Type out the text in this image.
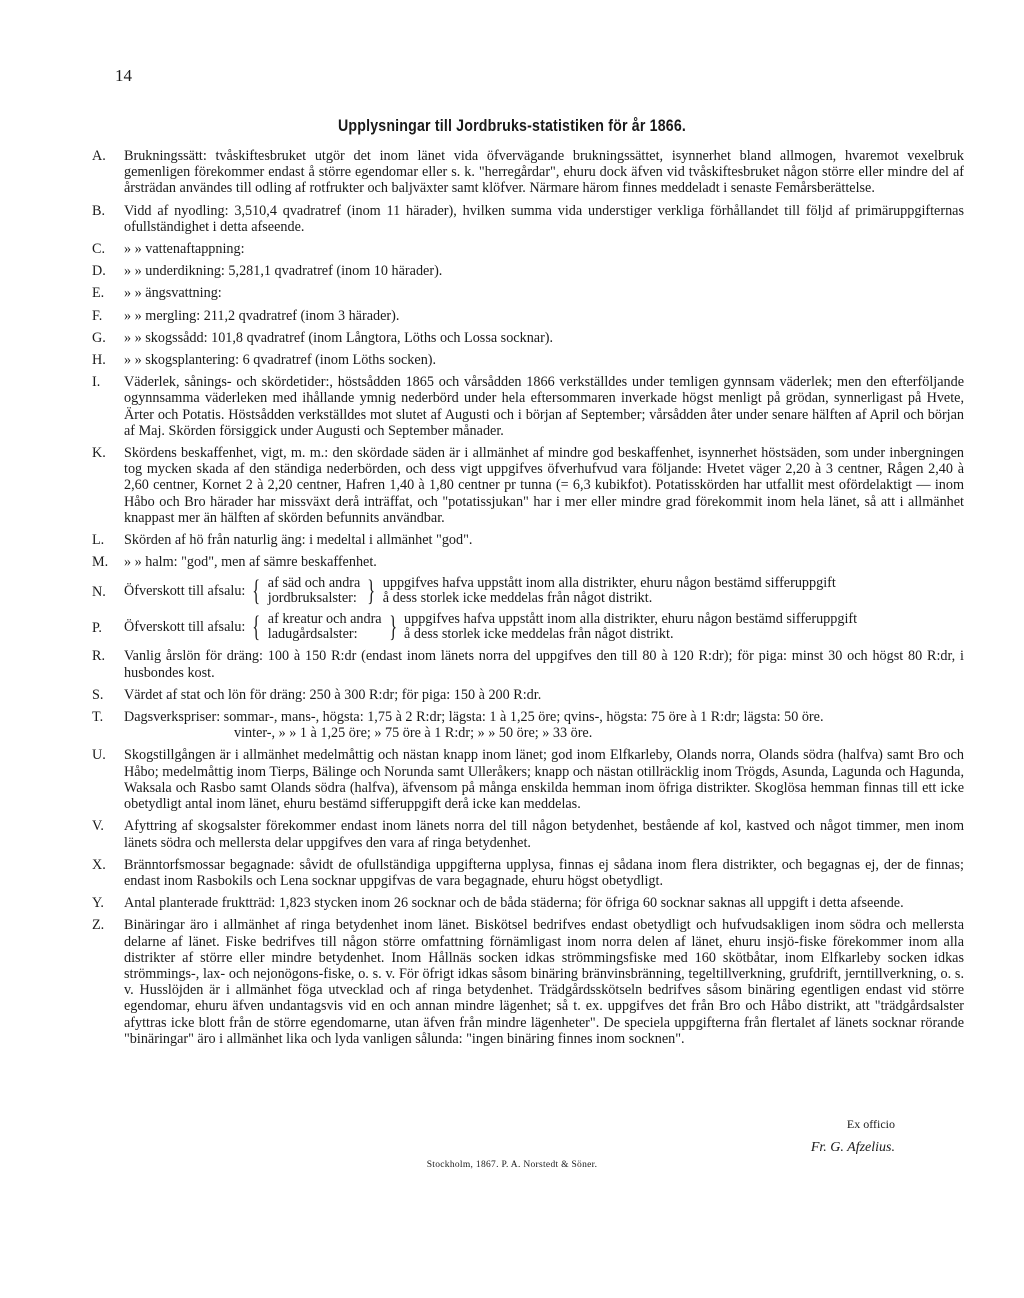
14
Upplysningar till Jordbruks-statistiken för år 1866.
A. Brukningssätt: tvåskiftesbruket utgör det inom länet vida öfvervägande brukningssättet, isynnerhet bland allmogen, hvaremot vexelbruk gemenligen förekommer endast å större egendomar eller s. k. "herregårdar", ehuru dock äfven vid tvåskiftesbruket någon större eller mindre del af årsträdan användes till odling af rotfrukter och baljväxter samt klöfver. Närmare härom finnes meddeladt i senaste Femårsberättelse.
B. Vidd af nyodling: 3,510,4 qvadratref (inom 11 härader), hvilken summa vida understiger verkliga förhållandet till följd af primäruppgifternas ofullständighet i detta afseende.
C. » » vattenaftappning:
D. » » underdikning: 5,281,1 qvadratref (inom 10 härader).
E. » » ängsvattning:
F. » » mergling: 211,2 qvadratref (inom 3 härader).
G. » » skogssådd: 101,8 qvadratref (inom Långtora, Löths och Lossa socknar).
H. » » skogsplantering: 6 qvadratref (inom Löths socken).
I. Väderlek, sånings- och skördetider:, höstsådden 1865 och vårsådden 1866 verkställdes under temligen gynnsam väderlek; men den efterföljande ogynnsamma väderleken med ihållande ymnig nederbörd under hela eftersommaren inverkade högst menligt på grödan, synnerligast på Hvete, Ärter och Potatis. Höstsådden verkställdes mot slutet af Augusti och i början af September; vårsådden åter under senare hälften af April och början af Maj. Skörden försiggick under Augusti och September månader.
K. Skördens beskaffenhet, vigt, m. m.: den skördade säden är i allmänhet af mindre god beskaffenhet, isynnerhet höstsäden, som under inbergningen tog mycken skada af den ständiga nederbörden, och dess vigt uppgifves öfverhufvud vara följande: Hvetet väger 2,20 à 3 centner, Rågen 2,40 à 2,60 centner, Kornet 2 à 2,20 centner, Hafren 1,40 à 1,80 centner pr tunna (= 6,3 kubikfot). Potatisskörden har utfallit mest ofördelaktigt — inom Håbo och Bro härader har missväxt derå inträffat, och "potatissjukan" har i mer eller mindre grad förekommit inom hela länet, så att i allmänhet knappast mer än hälften af skörden befunnits användbar.
L. Skörden af hö från naturlig äng: i medeltal i allmänhet "god".
M. » » halm: "god", men af sämre beskaffenhet.
N. Öfverskott till afsalu: { af säd och andra
jordbruksalster: } uppgifves hafva uppstått inom alla distrikter, ehuru någon bestämd sifferuppgift
å dess storlek icke meddelas från något distrikt.
P. Öfverskott till afsalu: { af kreatur och andra
ladugårdsalster:	} uppgifves hafva uppstått inom alla distrikter, ehuru någon bestämd sifferuppgift
å dess storlek icke meddelas från något distrikt.
R. Vanlig årslön för dräng: 100 à 150 R:dr (endast inom länets norra del uppgifves den till 80 à 120 R:dr); för piga: minst 30 och högst 80 R:dr, i husbondes kost.
S. Värdet af stat och lön för dräng: 250 à 300 R:dr; för piga: 150 à 200 R:dr.
T. Dagsverkspriser: sommar-, mans-, högsta: 1,75 à 2 R:dr; lägsta: 1 à 1,25 öre; qvins-, högsta: 75 öre à 1 R:dr; lägsta: 50 öre.
vinter-, » » 1 à 1,25 öre; » 75 öre à 1 R:dr; » » 50 öre; » 33 öre.
U. Skogstillgången är i allmänhet medelmåttig och nästan knapp inom länet; god inom Elfkarleby, Olands norra, Olands södra (halfva) samt Bro och Håbo; medelmåttig inom Tierps, Bälinge och Norunda samt Ulleråkers; knapp och nästan otillräcklig inom Trögds, Asunda, Lagunda och Hagunda, Waksala och Rasbo samt Olands södra (halfva), äfvensom på många enskilda hemman inom öfriga distrikter. Skoglösa hemman finnas till ett icke obetydligt antal inom länet, ehuru bestämd sifferuppgift derå icke kan meddelas.
V. Afyttring af skogsalster förekommer endast inom länets norra del till någon betydenhet, bestående af kol, kastved och något timmer, men inom länets södra och mellersta delar uppgifves den vara af ringa betydenhet.
X. Bränntorfsmossar begagnade: såvidt de ofullständiga uppgifterna upplysa, finnas ej sådana inom flera distrikter, och begagnas ej, der de finnas; endast inom Rasbokils och Lena socknar uppgifvas de vara begagnade, ehuru högst obetydligt.
Y. Antal planterade fruktträd: 1,823 stycken inom 26 socknar och de båda städerna; för öfriga 60 socknar saknas all uppgift i detta afseende.
Z. Binäringar äro i allmänhet af ringa betydenhet inom länet. Biskötsel bedrifves endast obetydligt och hufvudsakligen inom södra och mellersta delarne af länet. Fiske bedrifves till någon större omfattning förnämligast inom norra delen af länet, ehuru insjö-fiske förekommer inom alla distrikter af större eller mindre betydenhet. Inom Hållnäs socken idkas strömmingsfiske med 160 skötbåtar, inom Elfkarleby socken idkas strömmings-, lax- och nejonögons-fiske, o. s. v. För öfrigt idkas såsom binäring bränvinsbränning, tegeltillverkning, grufdrift, jerntillverkning, o. s. v. Husslöjden är i allmänhet föga utvecklad och af ringa betydenhet. Trädgårdsskötseln bedrifves såsom binäring egentligen endast vid större egendomar, ehuru äfven undantagsvis vid en och annan mindre lägenhet; så t. ex. uppgifves det från Bro och Håbo distrikt, att "trädgårdsalster afyttras icke blott från de större egendomarne, utan äfven från mindre lägenheter". De speciela uppgifterna från flertalet af länets socknar rörande "binäringar" äro i allmänhet lika och lyda vanligen sålunda: "ingen binäring finnes inom socknen".
Ex officio
Fr. G. Afzelius.
Stockholm, 1867. P. A. Norstedt & Söner.
